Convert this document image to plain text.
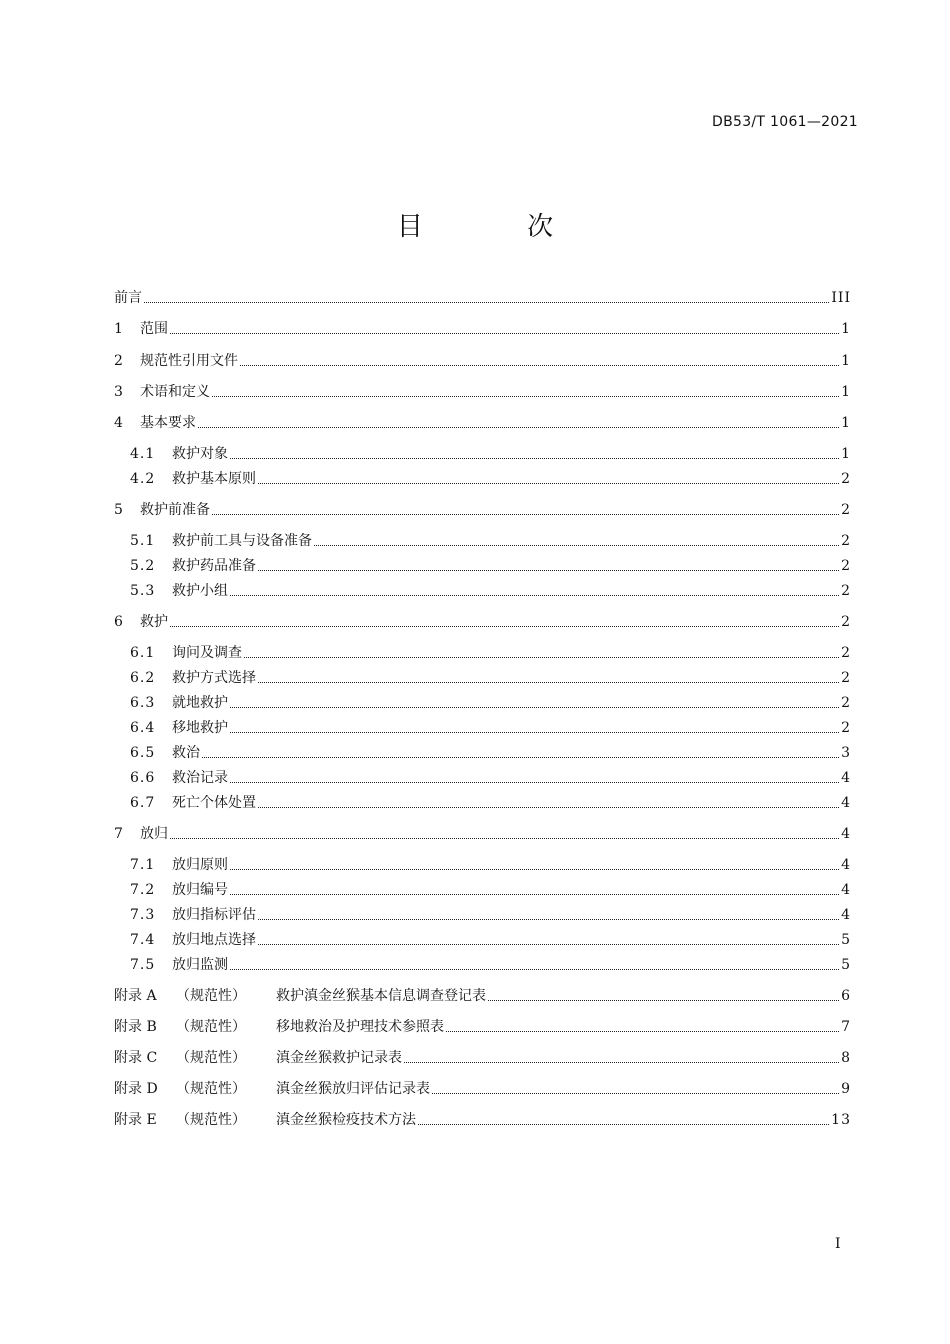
DB53/T 1061—2021
目 次
前言	III
1	范围	1
2	规范性引用文件	1
3	术语和定义	1
4	基本要求	1
4.1	救护对象	1
4.2	救护基本原则	2
5	救护前准备	2
5.1	救护前工具与设备准备	2
5.2	救护药品准备	2
5.3	救护小组	2
6	救护	2
6.1	询问及调查	2
6.2	救护方式选择	2
6.3	就地救护	2
6.4	移地救护	2
6.5	救治	3
6.6	救治记录	4
6.7	死亡个体处置	4
7	放归	4
7.1	放归原则	4
7.2	放归编号	4
7.3	放归指标评估	4
7.4	放归地点选择	5
7.5	放归监测	5
附录 A	（规范性）	救护滇金丝猴基本信息调查登记表	6
附录 B	（规范性）	移地救治及护理技术参照表	7
附录 C	（规范性）	滇金丝猴救护记录表	8
附录 D	（规范性）	滇金丝猴放归评估记录表	9
附录 E	（规范性）	滇金丝猴检疫技术方法	13
I
